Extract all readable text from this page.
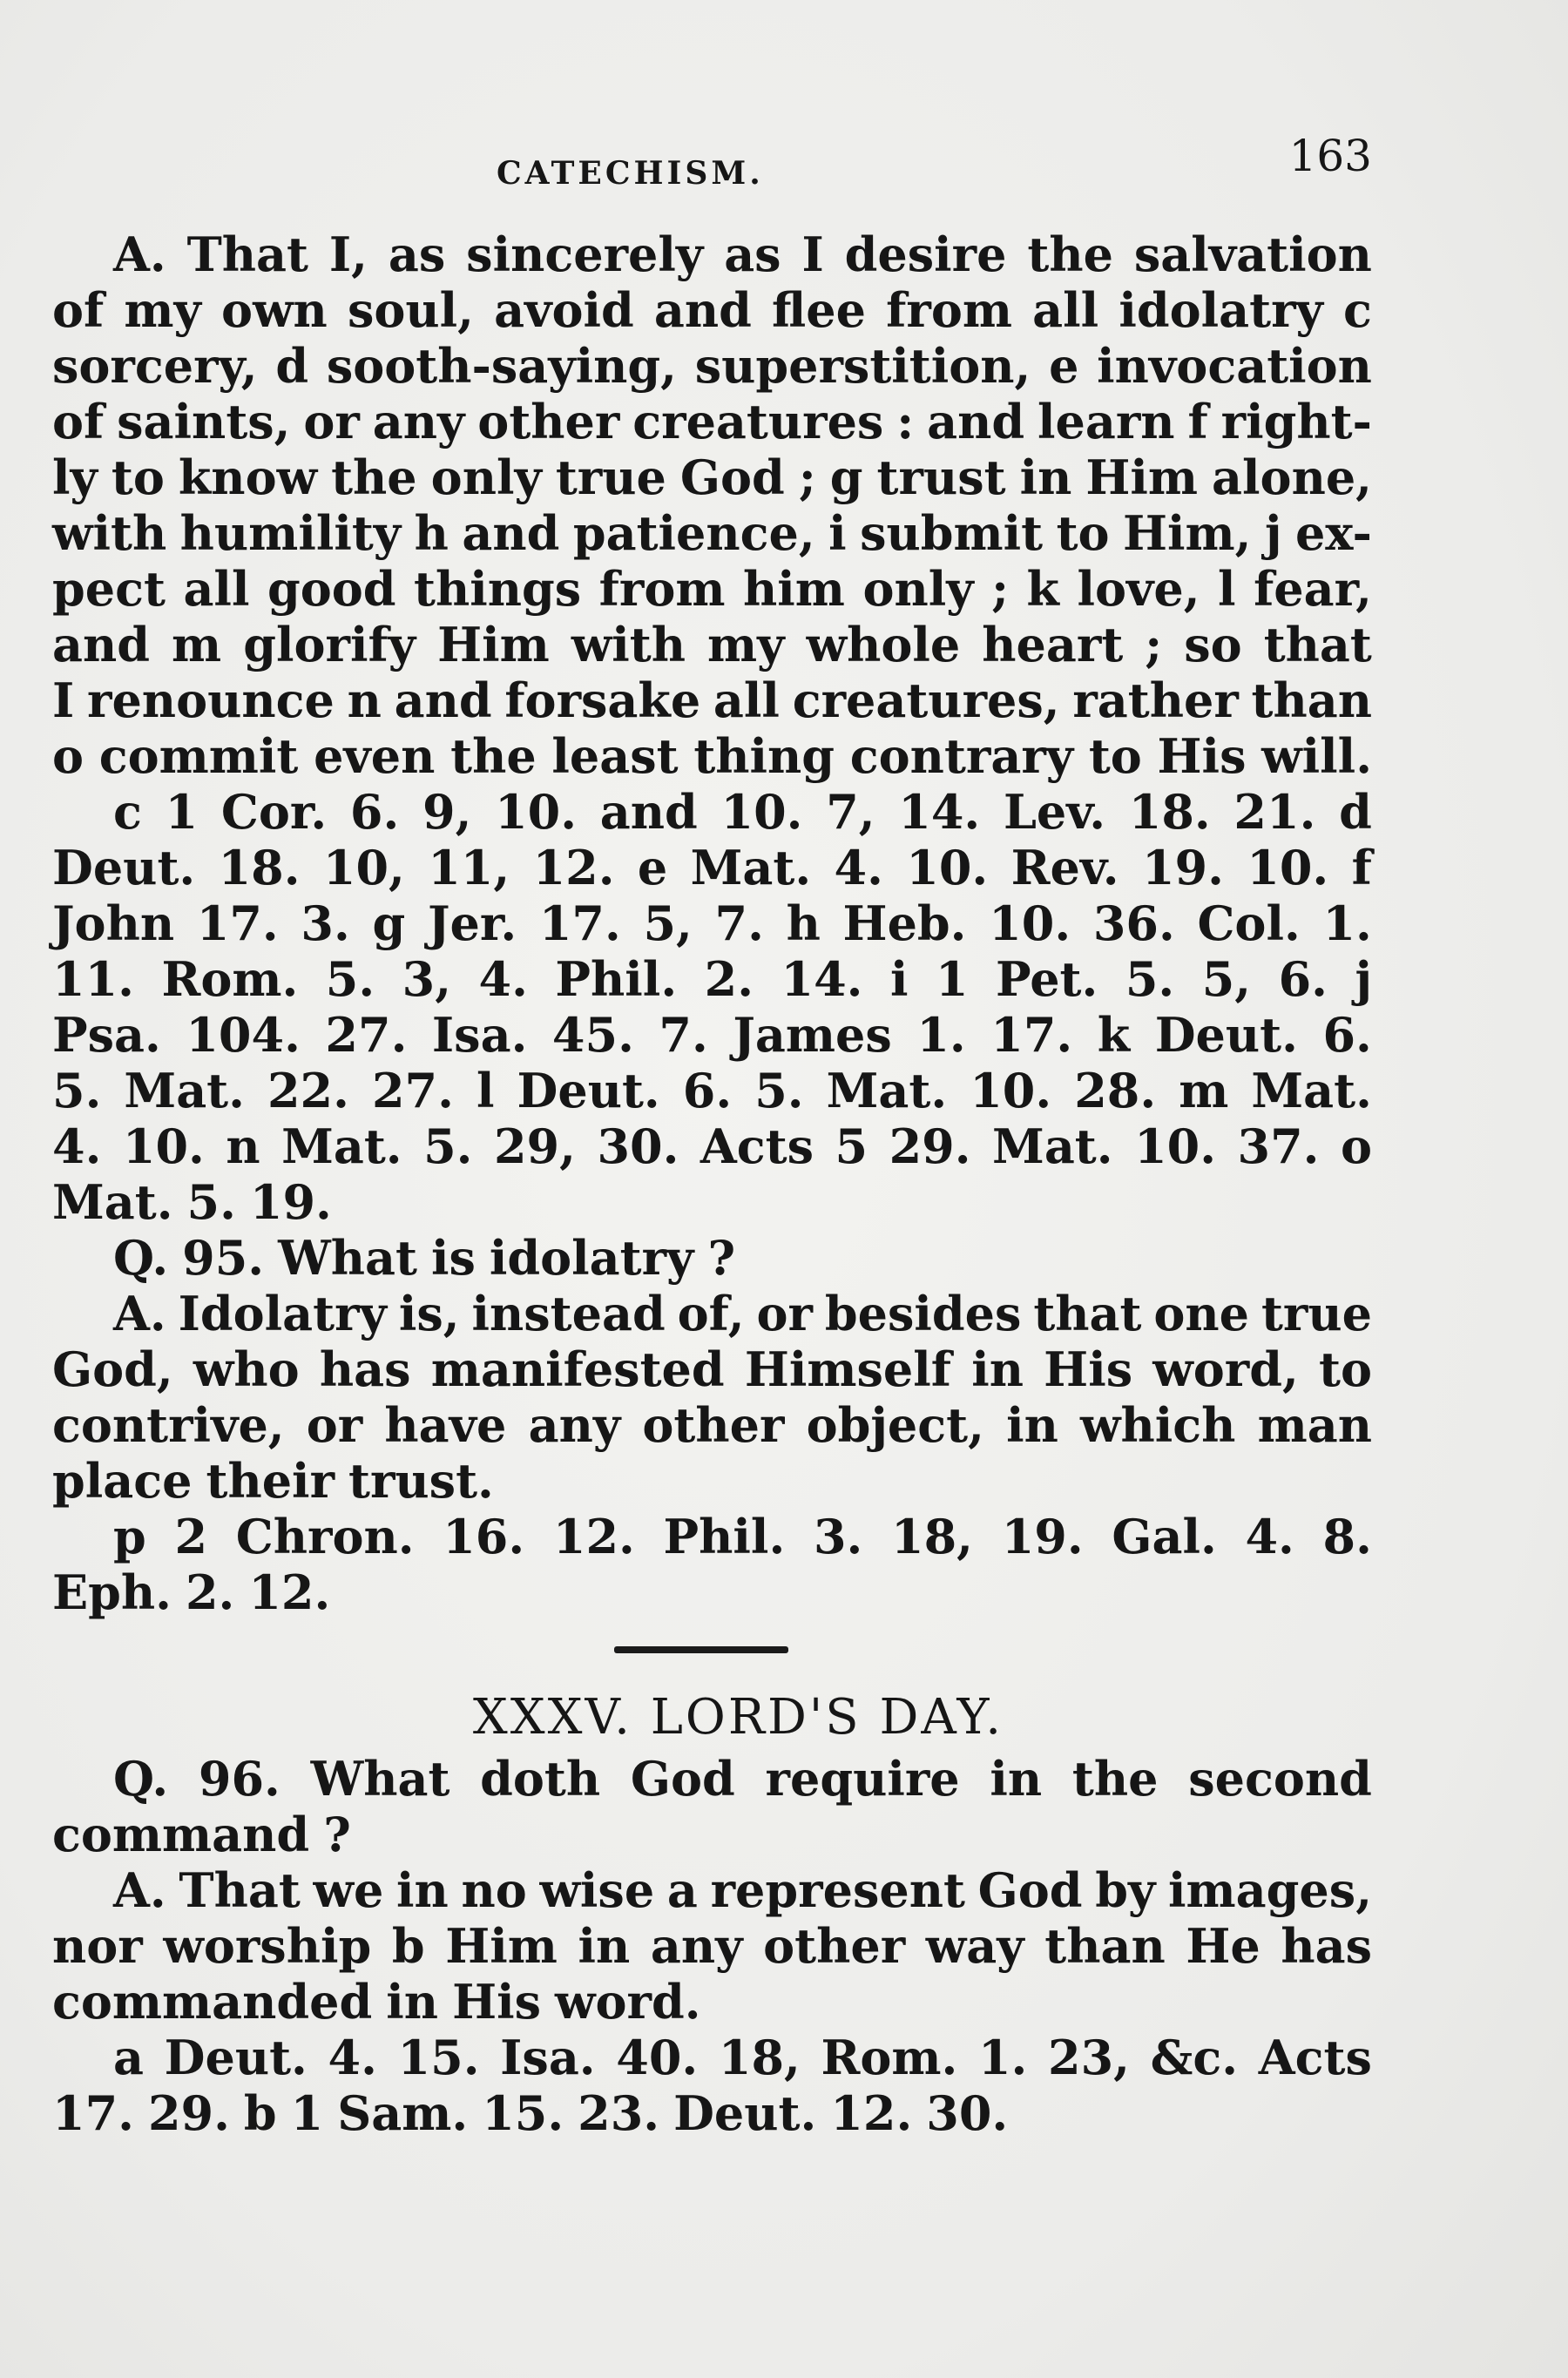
CATECHISM.	163
A. That I, as sincerely as I desire the salvation
of my own soul, avoid and flee from all idolatry c
sorcery, d sooth-saying, superstition, e invocation
of saints, or any other creatures : and learn f right-
ly to know the only true God ; g trust in Him alone,
with humility h and patience, i submit to Him, j ex-
pect all good things from him only ; k love, l fear,
and m glorify Him with my whole heart ; so that
I renounce n and forsake all creatures, rather than
o commit even the least thing contrary to His will.
c 1 Cor. 6. 9, 10. and 10. 7, 14. Lev. 18. 21. d
Deut. 18. 10, 11, 12. e Mat. 4. 10. Rev. 19. 10. f
John 17. 3. g Jer. 17. 5, 7. h Heb. 10. 36. Col. 1.
11. Rom. 5. 3, 4. Phil. 2. 14. i 1 Pet. 5. 5, 6. j
Psa. 104. 27. Isa. 45. 7. James 1. 17. k Deut. 6.
5. Mat. 22. 27. l Deut. 6. 5. Mat. 10. 28. m Mat.
4. 10. n Mat. 5. 29, 30. Acts 5 29. Mat. 10. 37. o
Mat. 5. 19.
Q. 95. What is idolatry ?
A. Idolatry is, instead of, or besides that one true
God, who has manifested Himself in His word, to
contrive, or have any other object, in which man
place their trust.
p 2 Chron. 16. 12. Phil. 3. 18, 19. Gal. 4. 8.
Eph. 2. 12.
XXXV. LORD'S DAY.
Q. 96. What doth God require in the second
command ?
A. That we in no wise a represent God by images,
nor worship b Him in any other way than He has
commanded in His word.
a Deut. 4. 15. Isa. 40. 18, Rom. 1. 23, &c. Acts
17. 29. b 1 Sam. 15. 23. Deut. 12. 30.
